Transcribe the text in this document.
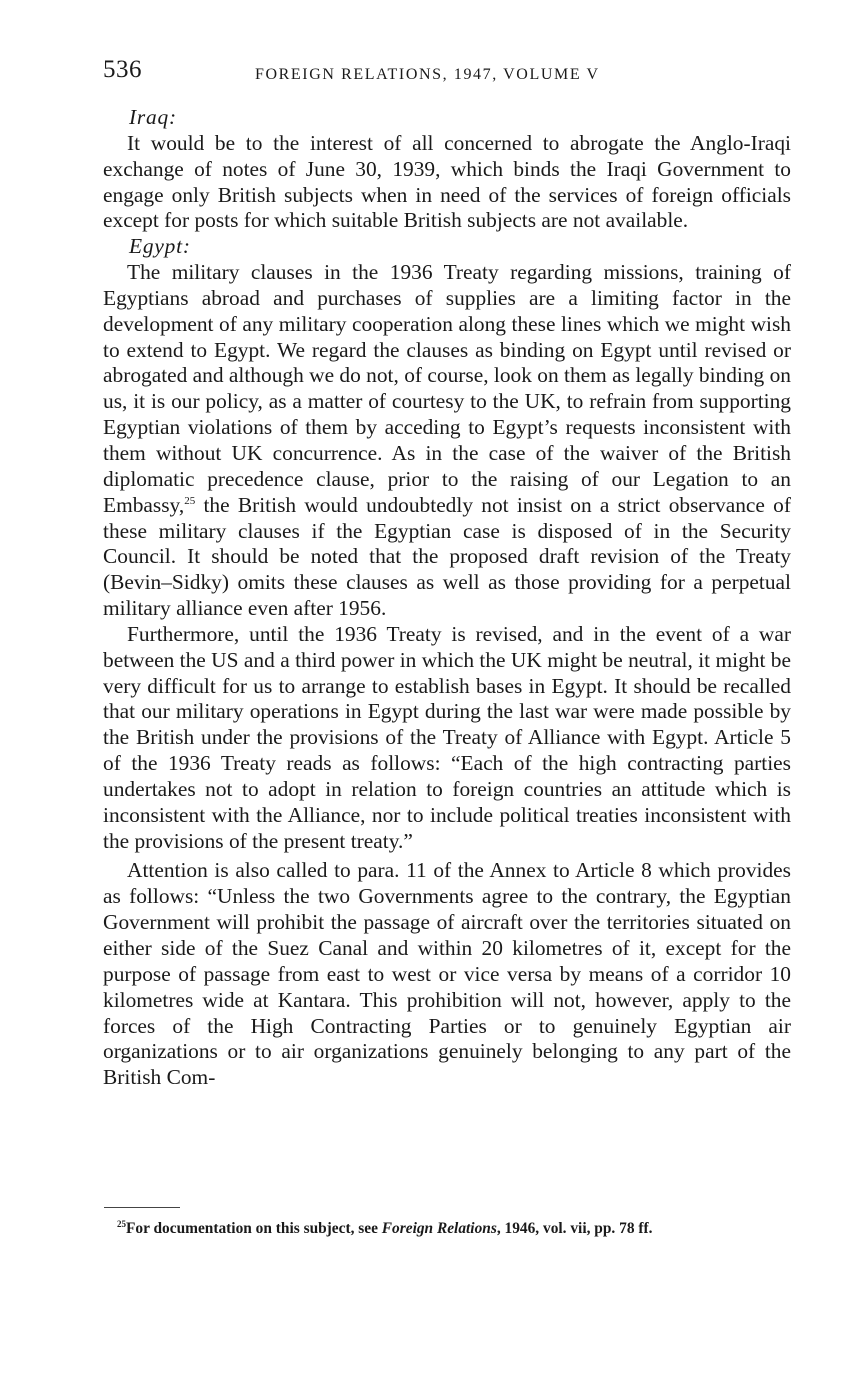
536	FOREIGN RELATIONS, 1947, VOLUME V
Iraq:

It would be to the interest of all concerned to abrogate the Anglo-Iraqi exchange of notes of June 30, 1939, which binds the Iraqi Government to engage only British subjects when in need of the services of foreign officials except for posts for which suitable British subjects are not available.

Egypt:

The military clauses in the 1936 Treaty regarding missions, training of Egyptians abroad and purchases of supplies are a limiting factor in the development of any military cooperation along these lines which we might wish to extend to Egypt. We regard the clauses as binding on Egypt until revised or abrogated and although we do not, of course, look on them as legally binding on us, it is our policy, as a matter of courtesy to the UK, to refrain from supporting Egyptian violations of them by acceding to Egypt’s requests inconsistent with them without UK concurrence. As in the case of the waiver of the British diplomatic precedence clause, prior to the raising of our Legation to an Embassy,$^{25}$ the British would undoubtedly not insist on a strict observance of these military clauses if the Egyptian case is disposed of in the Security Council. It should be noted that the proposed draft revision of the Treaty (Bevin–Sidky) omits these clauses as well as those providing for a perpetual military alliance even after 1956.

Furthermore, until the 1936 Treaty is revised, and in the event of a war between the US and a third power in which the UK might be neutral, it might be very difficult for us to arrange to establish bases in Egypt. It should be recalled that our military operations in Egypt during the last war were made possible by the British under the provisions of the Treaty of Alliance with Egypt. Article 5 of the 1936 Treaty reads as follows: “Each of the high contracting parties undertakes not to adopt in relation to foreign countries an attitude which is inconsistent with the Alliance, nor to include political treaties inconsistent with the provisions of the present treaty.”

Attention is also called to para. 11 of the Annex to Article 8 which provides as follows: “Unless the two Governments agree to the contrary, the Egyptian Government will prohibit the passage of aircraft over the territories situated on either side of the Suez Canal and within 20 kilometres of it, except for the purpose of passage from east to west or vice versa by means of a corridor 10 kilometres wide at Kantara. This prohibition will not, however, apply to the forces of the High Contracting Parties or to genuinely Egyptian air organizations or to air organizations genuinely belonging to any part of the British Com-

$^{25}$For documentation on this subject, see Foreign Relations, 1946, vol. vii, pp. 78 ff.
